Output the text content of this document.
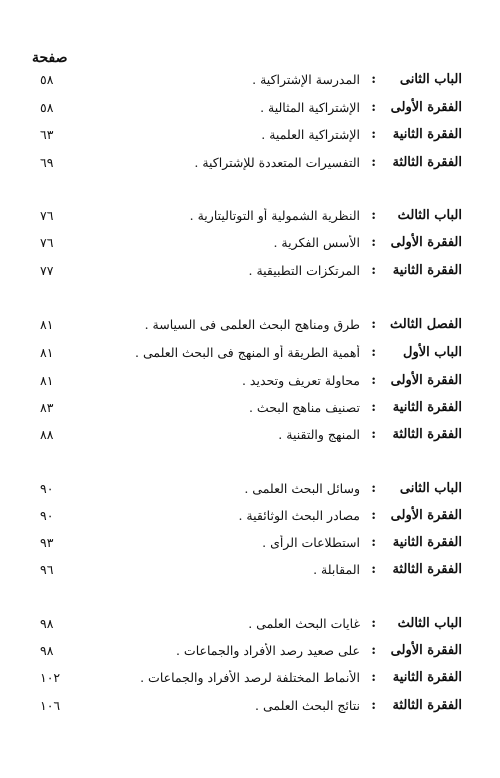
صفحة
الباب الثانى
:
المدرسة الإشتراكية .
٥٨
الفقرة الأولى
:
الإشتراكية المثالية .
٥٨
الفقرة الثانية
:
الإشتراكية العلمية .
٦٣
الفقرة الثالثة
:
التفسيرات المتعددة للإشتراكية .
٦٩
الباب الثالث
:
النظرية الشمولية أو التوتاليتارية .
٧٦
الفقرة الأولى
:
الأسس الفكرية .
٧٦
الفقرة الثانية
:
المرتكزات التطبيقية .
٧٧
الفصل الثالث
:
طرق ومناهج البحث العلمى فى السياسة .
٨١
الباب الأول
:
أهمية الطريقة أو المنهج فى البحث العلمى .
٨١
الفقرة الأولى
:
محاولة تعريف وتحديد .
٨١
الفقرة الثانية
:
تصنيف مناهج البحث .
٨٣
الفقرة الثالثة
:
المنهج والتقنية .
٨٨
الباب الثانى
:
وسائل البحث العلمى .
٩٠
الفقرة الأولى
:
مصادر البحث الوثائقية .
٩٠
الفقرة الثانية
:
استطلاعات الرأى .
٩٣
الفقرة الثالثة
:
المقابلة .
٩٦
الباب الثالث
:
غايات البحث العلمى .
٩٨
الفقرة الأولى
:
على صعيد رصد الأفراد والجماعات .
٩٨
الفقرة الثانية
:
الأنماط المختلفة لرصد الأفراد والجماعات .
١٠٢
الفقرة الثالثة
:
نتائج البحث العلمى .
١٠٦
